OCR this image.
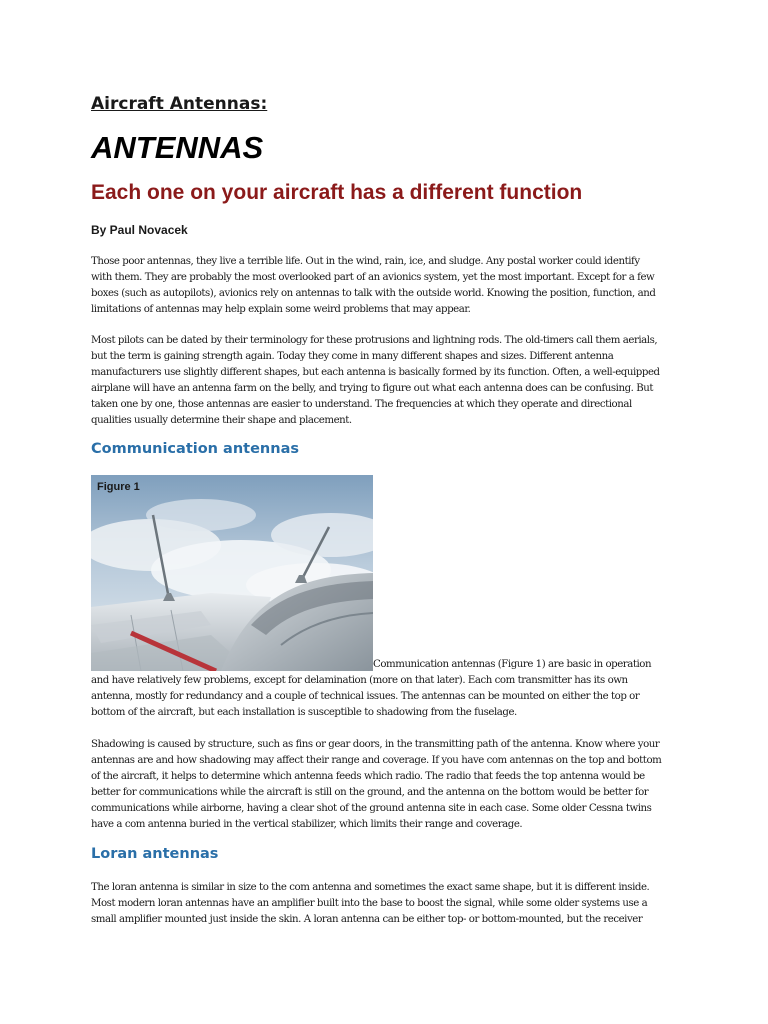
Aircraft Antennas:
ANTENNAS
Each one on your aircraft has a different function

By Paul Novacek

Those poor antennas, they live a terrible life. Out in the wind, rain, ice, and sludge. Any postal worker could identify with them. They are probably the most overlooked part of an avionics system, yet the most important. Except for a few boxes (such as autopilots), avionics rely on antennas to talk with the outside world. Knowing the position, function, and limitations of antennas may help explain some weird problems that may appear.

Most pilots can be dated by their terminology for these protrusions and lightning rods. The old-timers call them aerials, but the term is gaining strength again. Today they come in many different shapes and sizes. Different antenna manufacturers use slightly different shapes, but each antenna is basically formed by its function. Often, a well-equipped airplane will have an antenna farm on the belly, and trying to figure out what each antenna does can be confusing. But taken one by one, those antennas are easier to understand. The frequencies at which they operate and directional qualities usually determine their shape and placement.

Communication antennas
Figure 1

Communication antennas (Figure 1) are basic in operation

and have relatively few problems, except for delamination (more on that later). Each com transmitter has its own antenna, mostly for redundancy and a couple of technical issues. The antennas can be mounted on either the top or bottom of the aircraft, but each installation is susceptible to shadowing from the fuselage.

Shadowing is caused by structure, such as fins or gear doors, in the transmitting path of the antenna. Know where your antennas are and how shadowing may affect their range and coverage. If you have com antennas on the top and bottom of the aircraft, it helps to determine which antenna feeds which radio. The radio that feeds the top antenna would be better for communications while the aircraft is still on the ground, and the antenna on the bottom would be better for communications while airborne, having a clear shot of the ground antenna site in each case. Some older Cessna twins have a com antenna buried in the vertical stabilizer, which limits their range and coverage.

Loran antennas

The loran antenna is similar in size to the com antenna and sometimes the exact same shape, but it is different inside. Most modern loran antennas have an amplifier built into the base to boost the signal, while some older systems use a small amplifier mounted just inside the skin. A loran antenna can be either top- or bottom-mounted, but the receiver
